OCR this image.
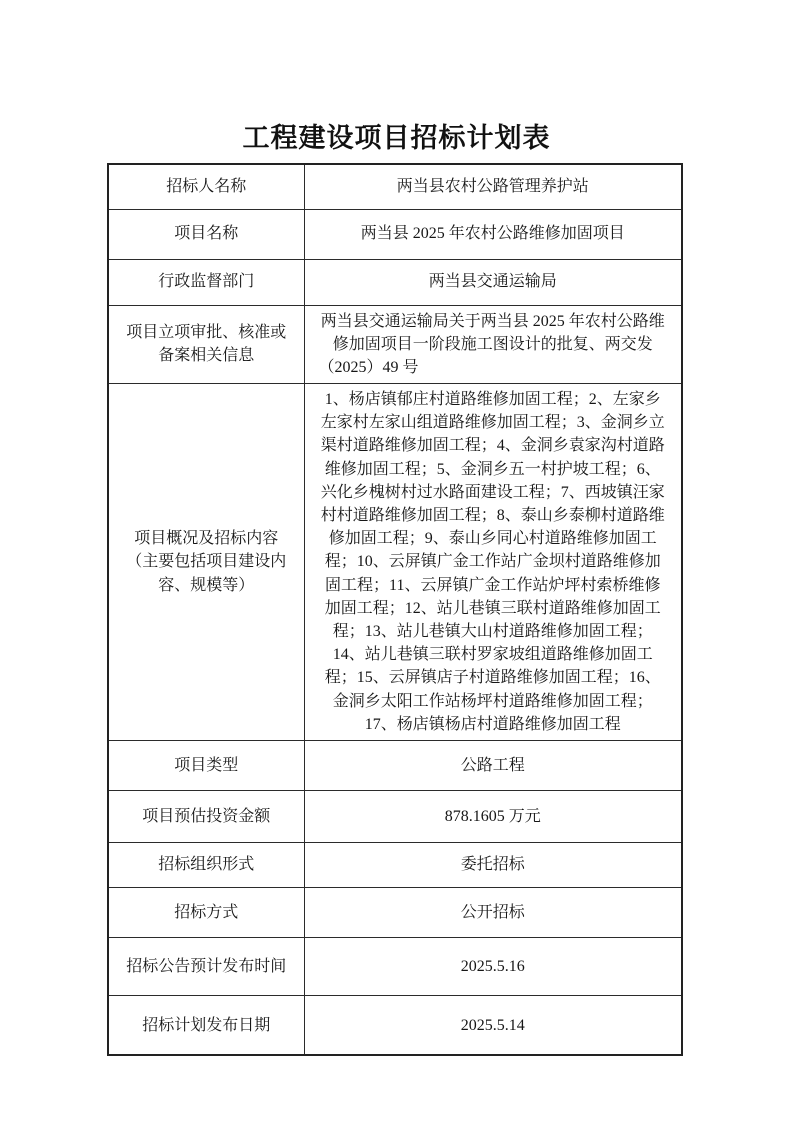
工程建设项目招标计划表
招标人名称	两当县农村公路管理养护站
项目名称	两当县 2025 年农村公路维修加固项目
行政监督部门	两当县交通运输局
项目立项审批、核准或备案相关信息	两当县交通运输局关于两当县 2025 年农村公路维修加固项目一阶段施工图设计的批复、两交发（2025）49 号
项目概况及招标内容（主要包括项目建设内容、规模等）	1、杨店镇郁庄村道路维修加固工程；2、左家乡左家村左家山组道路维修加固工程；3、金洞乡立渠村道路维修加固工程；4、金洞乡袁家沟村道路维修加固工程；5、金洞乡五一村护坡工程；6、兴化乡槐树村过水路面建设工程；7、西坡镇汪家村村道路维修加固工程；8、泰山乡泰柳村道路维修加固工程；9、泰山乡同心村道路维修加固工程；10、云屏镇广金工作站广金坝村道路维修加固工程；11、云屏镇广金工作站炉坪村索桥维修加固工程；12、站儿巷镇三联村道路维修加固工程；13、站儿巷镇大山村道路维修加固工程；14、站儿巷镇三联村罗家坡组道路维修加固工程；15、云屏镇店子村道路维修加固工程；16、金洞乡太阳工作站杨坪村道路维修加固工程；17、杨店镇杨店村道路维修加固工程
项目类型	公路工程
项目预估投资金额	878.1605 万元
招标组织形式	委托招标
招标方式	公开招标
招标公告预计发布时间	2025.5.16
招标计划发布日期	2025.5.14
